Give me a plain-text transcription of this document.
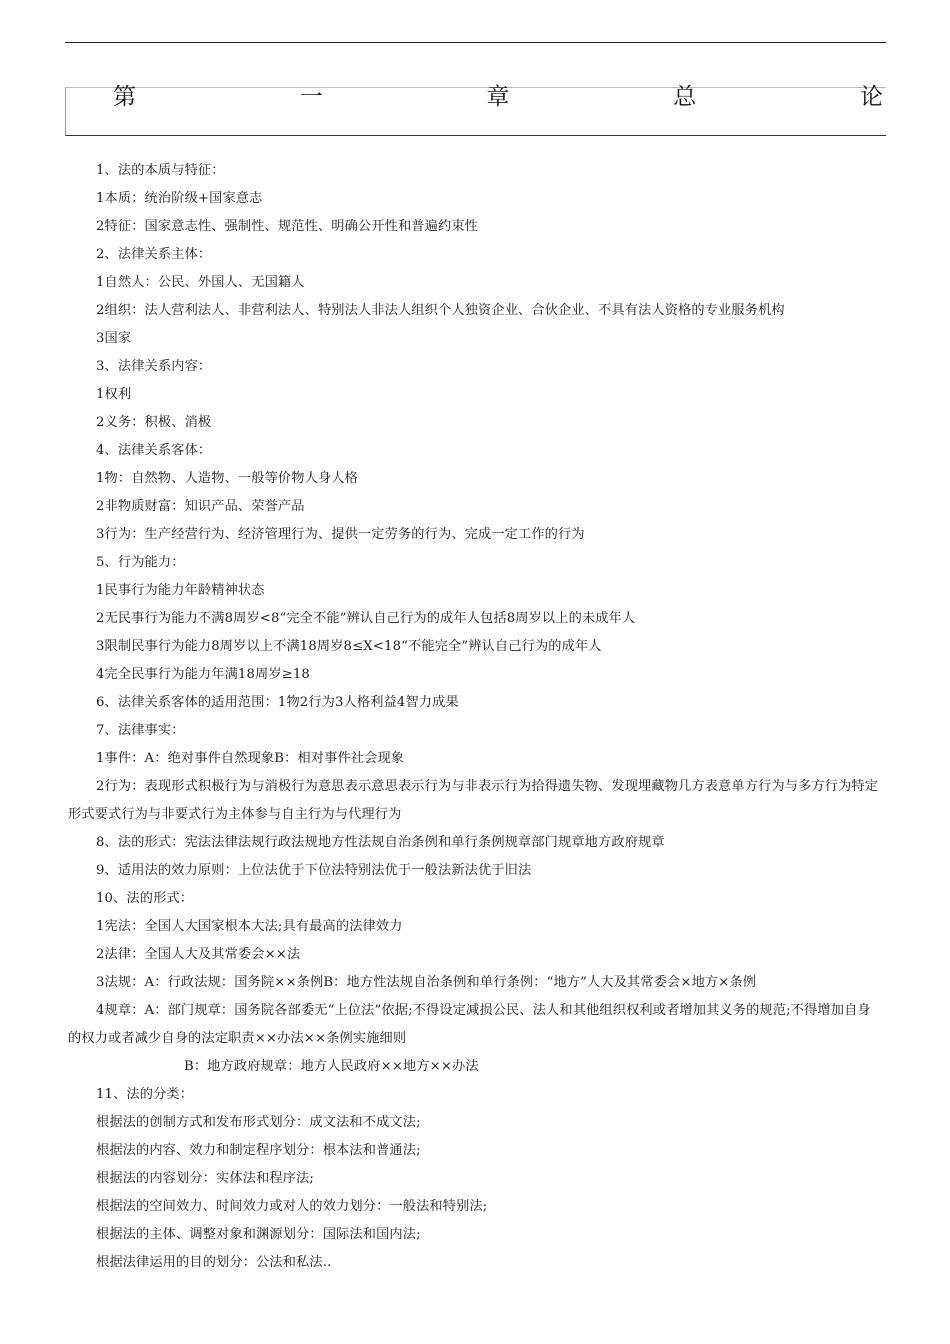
第	一	章	总	论
1、法的本质与特征：
1本质：统治阶级+国家意志
2特征：国家意志性、强制性、规范性、明确公开性和普遍约束性
2、法律关系主体：
1自然人：公民、外国人、无国籍人
2组织：法人营利法人、非营利法人、特别法人非法人组织个人独资企业、合伙企业、不具有法人资格的专业服务机构
3国家
3、法律关系内容：
1权利
2义务：积极、消极
4、法律关系客体：
1物：自然物、人造物、一般等价物人身人格
2非物质财富：知识产品、荣誉产品
3行为：生产经营行为、经济管理行为、提供一定劳务的行为、完成一定工作的行为
5、行为能力：
1民事行为能力年龄精神状态
2无民事行为能力不满8周岁<8“完全不能”辨认自己行为的成年人包括8周岁以上的未成年人
3限制民事行为能力8周岁以上不满18周岁8≤X<18“不能完全”辨认自己行为的成年人
4完全民事行为能力年满18周岁≥18
6、法律关系客体的适用范围：1物2行为3人格利益4智力成果
7、法律事实：
1事件：A：绝对事件自然现象B：相对事件社会现象
2行为：表现形式积极行为与消极行为意思表示意思表示行为与非表示行为拾得遗失物、发现埋藏物几方表意单方行为与多方行为特定形式要式行为与非要式行为主体参与自主行为与代理行为
8、法的形式：宪法法律法规行政法规地方性法规自治条例和单行条例规章部门规章地方政府规章
9、适用法的效力原则：上位法优于下位法特别法优于一般法新法优于旧法
10、法的形式：
1宪法：全国人大国家根本大法;具有最高的法律效力
2法律：全国人大及其常委会××法
3法规：A：行政法规：国务院××条例B：地方性法规自治条例和单行条例：“地方”人大及其常委会×地方×条例
4规章：A：部门规章：国务院各部委无“上位法”依据;不得设定减损公民、法人和其他组织权利或者增加其义务的规范;不得增加自身的权力或者减少自身的法定职责××办法××条例实施细则
B：地方政府规章：地方人民政府××地方××办法
11、法的分类：
根据法的创制方式和发布形式划分：成文法和不成文法;
根据法的内容、效力和制定程序划分：根本法和普通法;
根据法的内容划分：实体法和程序法;
根据法的空间效力、时间效力或对人的效力划分：一般法和特别法;
根据法的主体、调整对象和渊源划分：国际法和国内法;
根据法律运用的目的划分：公法和私法..
